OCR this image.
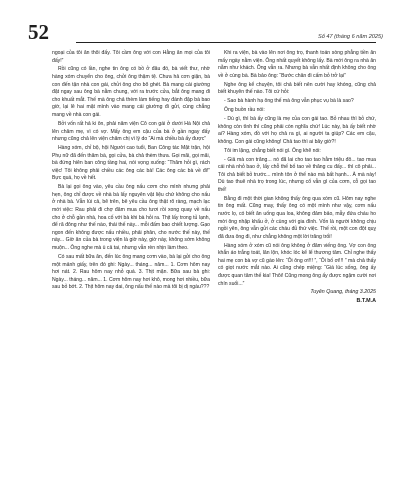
52	Số 47 (tháng 6 năm 2025)

ngoại của tôi ăn thôi đấy. Tôi cầm ông với con Hằng ăn mọi của tôi đấy!”

Rồi cũng có lần, nghe tin ông có bồ ở đâu đó, bà viết thư, nhờ hàng xóm chuyển cho ông, chửi ông thậm tệ. Chưa hả cơn giận, bà con đến tận nhà con gái, chửi ông cho bõ ghét. Bà mang cái giường đặt ngay sau ông bà nằm chung, với ra trước cửa, bắt ông mang đi cho khuất mắt. Thế mà ông chả thèm làm tiếng hay đánh đập bà bao giờ, lại lê hai mặt mình vào mang cái giường đi gửi, cùng chẳng mang về nhà con gái.

Bởi vốn rất hả ki ôn, phải năm viện Cô con gái ở dưới Hà Nội chả lên chăm mẹ, vì có vợ. Mấy ông em cậu của bà ở gần ngay đấy nhưng cũng chả lên viện chăm chị vì lý do “Ai mà chiều bà ấy được”

Hàng xóm, chỉ bộ, hội Người cao tuổi, Ban Công tác Mặt trận, hội Phụ nữ đã đến thăm bà, gọi cửa, bà chả thèm thưa. Gọi mãi, gọi mãi, bà đứng hiên ban công tầng hai, nói vọng xuống: “Thăm hỏi gì, rách việc! Tôi không phải chiều các ông các bà! Các ông các bà về đi!” Bực quá, họ về hết.

Bà lại gọi ông vào, yêu cầu ông nấu cơm cho mình nhưng phải hẹn, ông chỉ được về nhà bà lấy nguyên vật liệu chứ không cho nấu ở nhà bà. Vẫn lúi cả, bê trên, bê yêu cầu ông thật rõ ràng, mạch lạc mới việc: Rau phải đi chợ đâm mua cho tươi rồi xong quay về nấu cho ở chỗ gần nhà, hoa cố với bà khi bà hỏi ra. Thịt lấy trong tủ lạnh, để rã đông như thế nào, thái thế này... mỗi đấm bao chiết lượng. Gạo ngon đến không được nấu nhiều, phải phân, cho nước thế này, thế này... Giờ ăn của bà trong viện là giờ này, giờ này, không sớm không muộn... Ông nghe mà ù cả tai, nhưng vẫn rèn nhịn làm theo.

Có sau mất bữa ăn, đến lúc ông mang cơm vào, bà lại gửi cho ông một mảnh giấy, trên đó ghi: Ngày... tháng... năm... 1. Cơm hôm nay hơi nát. 2. Rau hôm nay nhỏ quá. 3. Thịt mặn. Bữa sau bà ghi: Ngày... tháng... năm... 1. Cơm hôm nay hơi khô, mong hơi nhiều, bữa sau bỏ bớt. 2. Thịt hôm nay dai, ông nấu thế nào mà tôi bị dị ngàu???

Khi ra viện, bà vào lên nơi ông trọ, thanh toán sòng phẳng tiền ăn mấy ngày nằm viện. Ông nhất quyết không lấy. Bà mới ông ra nhà ăn nằm như khách. Ông vẫn ra. Nhưng bà vẫn nhất định không cho ông về ở cùng bà. Bà bảo ông: “Bước chân đi cấm bỏ trở lại”

Nghe ông kể chuyện, tôi chả biết nên cười hay khóng, cũng chả biết khuyên thế nào. Tôi cứ hỏi:

- Sao bà hành hạ ông thế mà ông vẫn phục vụ bà là sao?

Ông buồn rầu nói:

- Dù gì, thì bà ấy cũng là mẹ của con gái tao. Bỏ nhau thì bỏ chứ, không còn tình thì cũng phải còn nghĩa chứ! Lúc này, bà ấy biết nhờ ai? Hàng xóm, đồ với họ chả ra gì, ai người ta giúp? Các em cậu, không. Con gái cũng không! Chả tao thì ai bây giờ?!

Tôi im lặng, chẳng biết nói gì. Ông khẽ nói:

- Giả mà con trăng... nó đã lai cho tao tao hằm triệu đô... tao mua cái nhà nhỏ bao ở, lấy chỗ thế bố tao về thăng cu đấy... thì cô phải... Tôi chả biết bỏ trước... mình tôn ở thế nào mà bất hạnh... À mà này! Dù tao thuê nhà trọ trong lúc, nhưng cổ vẫn gì của cơm, cỗ gọi tao thế!

Bằng đi một thời gian không thấy ông qua xóm cũ. Hôm nay nghe tin ông mất. Cũng may, thấy ông có một mình như vậy, cơm nấu nước lọ, có biết ăn uống qua loa, không đảm bảo, mẫy đứa cháu ho mời ông nhập khẩu ở, ở cùng với gia đình. Vốn là người không chịu ngồi yên, ông vẫn gửi các cháu đủ thứ việc. Thế rồi, một con đột quỵ đã đưa ông đi, như chẳng không một lời trăng trối!

Hàng xóm ở xóm cũ nói ông không ở đâm viếng ông. Vợ con ông khắn áo trắng toát, lăn lộn, khóc lóc kể lể thương tâm. Chỉ nghe thấy hai mẹ con bà vợ cũ gào lên: “Ôi ông ơi!!! ”, “Ôi bố ơi!!! ” mà chả thấy có giọt nước mắt nào. Ai cũng chép miệng: “Giá lúc sống, ông ấy được quan tâm thế kia! Thôi! Cũng mong ông ấy được ngậm cười nơi chín suối...”

Tuyên Quang, tháng 3.2025
B.T.M.A
